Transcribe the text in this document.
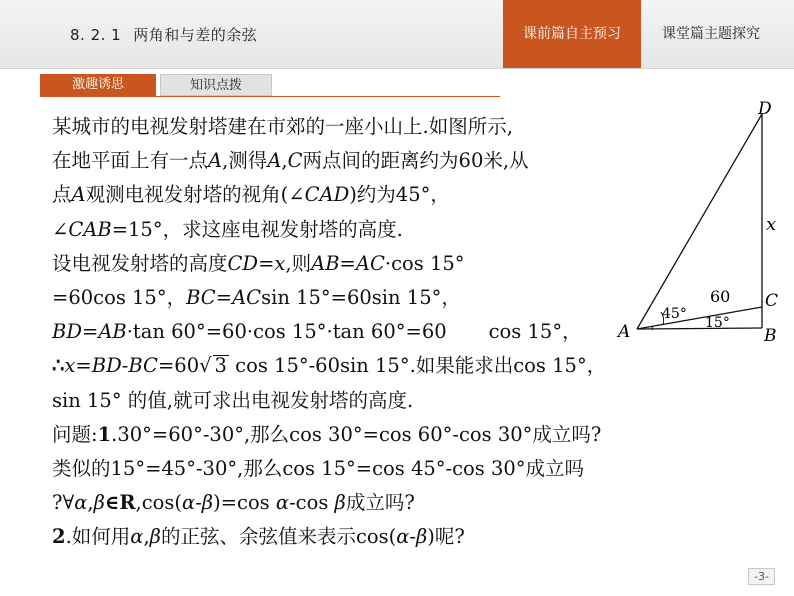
8. 2. 1 两角和与差的余弦	课前篇自主预习	课堂篇主题探究
激趣诱思	知识点拨
某城市的电视发射塔建在市郊的一座小山上.如图所示,
在地平面上有一点A,测得A,C两点间的距离约为60米,从
点A观测电视发射塔的视角(∠CAD)约为45°，
∠CAB=15°，求这座电视发射塔的高度.
设电视发射塔的高度CD=x,则AB=AC·cos 15°
=60cos 15°，BC=ACsin 15°=60sin 15°，
BD=AB·tan 60°=60·cos 15°·tan 60°=60 cos 15°，
∴x=BD-BC=60√ 3 cos 15°-60sin 15°.如果能求出cos 15°，
sin 15° 的值,就可求出电视发射塔的高度.
问题:1.30°=60°-30°,那么cos 30°=cos 60°-cos 30°成立吗?
类似的15°=45°-30°,那么cos 15°=cos 45°-cos 30°成立吗
?∀α,β∈R,cos(α-β)=cos α-cos β成立吗?
2.如何用α,β的正弦、余弦值来表示cos(α-β)呢?
D
C
B
A
x
60
45°
15°
-3-
